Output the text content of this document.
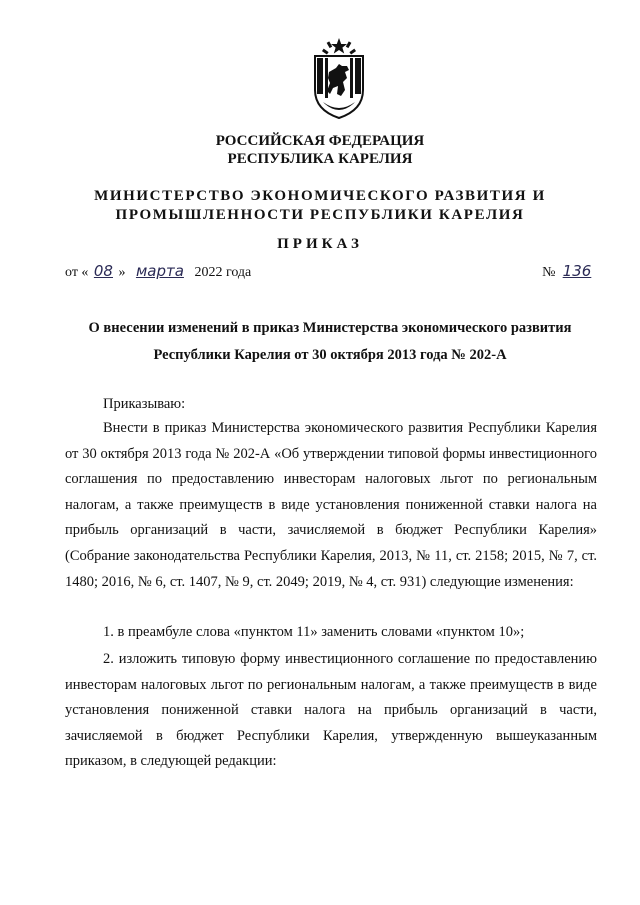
РОССИЙСКАЯ ФЕДЕРАЦИЯ
РЕСПУБЛИКА КАРЕЛИЯ
МИНИСТЕРСТВО ЭКОНОМИЧЕСКОГО РАЗВИТИЯ И
ПРОМЫШЛЕННОСТИ РЕСПУБЛИКИ КАРЕЛИЯ
ПРИКАЗ
от « 08 » марта 2022 года	№ 136
О внесении изменений в приказ Министерства экономического развития
Республики Карелия от 30 октября 2013 года № 202-А
Приказываю:
Внести в приказ Министерства экономического развития Республики Карелия от 30 октября 2013 года № 202-А «Об утверждении типовой формы инвестиционного соглашения по предоставлению инвесторам налоговых льгот по региональным налогам, а также преимуществ в виде установления пониженной ставки налога на прибыль организаций в части, зачисляемой в бюджет Республики Карелия» (Собрание законодательства Республики Карелия, 2013, № 11, ст. 2158; 2015, № 7, ст. 1480; 2016, № 6, ст. 1407, № 9, ст. 2049; 2019, № 4, ст. 931) следующие изменения:
1. в преамбуле слова «пунктом 11» заменить словами «пунктом 10»;
2. изложить типовую форму инвестиционного соглашение по предоставлению инвесторам налоговых льгот по региональным налогам, а также преимуществ в виде установления пониженной ставки налога на прибыль организаций в части, зачисляемой в бюджет Республики Карелия, утвержденную вышеуказанным приказом, в следующей редакции:
